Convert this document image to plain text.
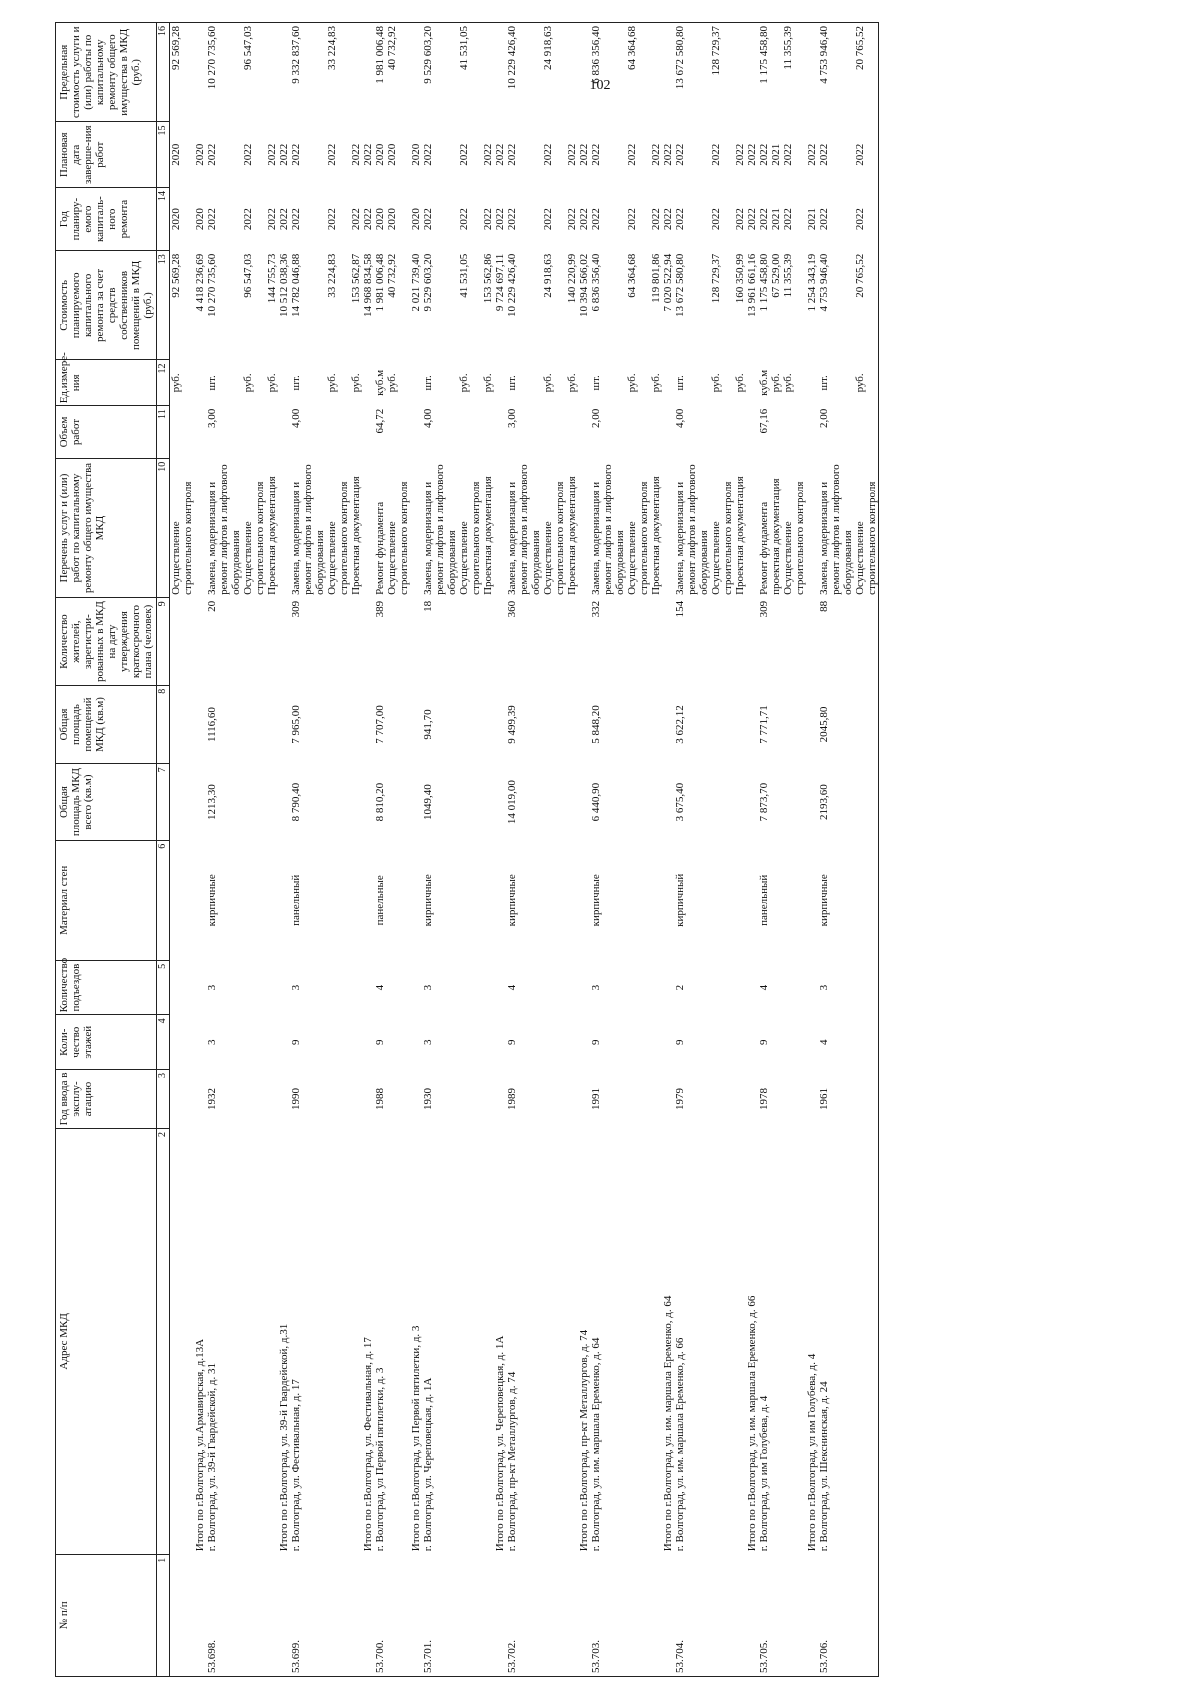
102
№ п/п	Адрес МКД	Год ввода в эксплу-атацию	Коли-чество этажей	Количество подъездов	Материал стен	Общая площадь МКД всего (кв.м)	Общая площадь помещений МКД (кв.м)	Количество жителей, зарегистри-рованных в МКД на дату утверждения краткосрочного плана (человек)	Перечень услуг и (или) работ по капитальному ремонту общего имущества МКД	Объем работ	Ед.измере-ния	Стоимость планируемого капитального ремонта за счет средств собственников помещений в МКД (руб.)	Год планиру-емого капиталь-ного ремонта	Плановая дата заверше-ния работ	Предельная стоимость услуги и (или) работы по капитальному ремонту общего имущества в МКД (руб.)
1	2	3	4	5	6	7	8	9	10	11	12	13	14	15	16
									Осуществление строительного контроля		руб.	92 569,28	2020	2020	92 569,28
	Итого по г.Волгоград, ул.Армавирская, д.13А											4 418 236,69	2020	2020	
53.698.	г. Волгоград, ул. 39-й Гвардейской, д. 31	1932	3	3	кирпичные	1213,30	1116,60	20	Замена, модернизация и ремонт лифтов и лифтового оборудования	3,00	шт.	10 270 735,60	2022	2022	10 270 735,60
									Осуществление строительного контроля		руб.	96 547,03	2022	2022	96 547,03
									Проектная документация		руб.	144 755,73	2022	2022	
	Итого по г.Волгоград, ул. 39-й Гвардейской, д.31											10 512 038,36	2022	2022	
53.699.	г. Волгоград, ул. Фестивальная, д. 17	1990	9	3	панельный	8 790,40	7 965,00	309	Замена, модернизация и ремонт лифтов и лифтового оборудования	4,00	шт.	14 782 046,88	2022	2022	9 332 837,60
									Осуществление строительного контроля		руб.	33 224,83	2022	2022	33 224,83
									Проектная документация		руб.	153 562,87	2022	2022	
	Итого по г.Волгоград, ул. Фестивальная, д. 17											14 968 834,58	2022	2022	
53.700.	г. Волгоград, ул Первой пятилетки, д. 3	1988	9	4	панельные	8 810,20	7 707,00	389	Ремонт фундамента	64,72	куб.м	1 981 006,48	2020	2020	1 981 006,48
									Осуществление строительного контроля		руб.	40 732,92	2020	2020	40 732,92
	Итого по г.Волгоград, ул Первой пятилетки, д. 3											2 021 739,40	2020	2020	
53.701.	г. Волгоград, ул. Череповецкая, д. 1А	1930	3	3	кирпичные	1049,40	941,70	18	Замена, модернизация и ремонт лифтов и лифтового оборудования	4,00	шт.	9 529 603,20	2022	2022	9 529 603,20
									Осуществление строительного контроля		руб.	41 531,05	2022	2022	41 531,05
									Проектная документация		руб.	153 562,86	2022	2022	
	Итого по г.Волгоград, ул. Череповецкая, д. 1А											9 724 697,11	2022	2022	
53.702.	г. Волгоград, пр-кт Металлургов, д. 74	1989	9	4	кирпичные	14 019,00	9 499,39	360	Замена, модернизация и ремонт лифтов и лифтового оборудования	3,00	шт.	10 229 426,40	2022	2022	10 229 426,40
									Осуществление строительного контроля		руб.	24 918,63	2022	2022	24 918,63
									Проектная документация		руб.	140 220,99	2022	2022	
	Итого по г.Волгоград, пр-кт Металлургов, д. 74											10 394 566,02	2022	2022	
53.703.	г. Волгоград, ул. им. маршала Еременко, д. 64	1991	9	3	кирпичные	6 440,90	5 848,20	332	Замена, модернизация и ремонт лифтов и лифтового оборудования	2,00	шт.	6 836 356,40	2022	2022	6 836 356,40
									Осуществление строительного контроля		руб.	64 364,68	2022	2022	64 364,68
									Проектная документация		руб.	119 801,86	2022	2022	
	Итого по г.Волгоград, ул. им. маршала Еременко, д. 64											7 020 522,94	2022	2022	
53.704.	г. Волгоград, ул. им. маршала Еременко, д. 66	1979	9	2	кирпичный	3 675,40	3 622,12	154	Замена, модернизация и ремонт лифтов и лифтового оборудования	4,00	шт.	13 672 580,80	2022	2022	13 672 580,80
									Осуществление строительного контроля		руб.	128 729,37	2022	2022	128 729,37
									Проектная документация		руб.	160 350,99	2022	2022	
	Итого по г.Волгоград, ул. им. маршала Еременко, д. 66											13 961 661,16	2022	2022	
53.705.	г. Волгоград, ул им Голубева, д. 4	1978	9	4	панельный	7 873,70	7 771,71	309	Ремонт фундамента	67,16	куб.м	1 175 458,80	2022	2022	1 175 458,80
									проектная документация		руб.	67 529,00	2021	2021	
									Осуществление строительного контроля		руб.	11 355,39	2022	2022	11 355,39
	Итого по г.Волгоград, ул им Голубева, д. 4											1 254 343,19	2021	2022	
53.706.	г. Волгоград, ул. Шекснинская, д. 24	1961	4	3	кирпичные	2193,60	2045,80	88	Замена, модернизация и ремонт лифтов и лифтового оборудования	2,00	шт.	4 753 946,40	2022	2022	4 753 946,40
									Осуществление строительного контроля		руб.	20 765,52	2022	2022	20 765,52
